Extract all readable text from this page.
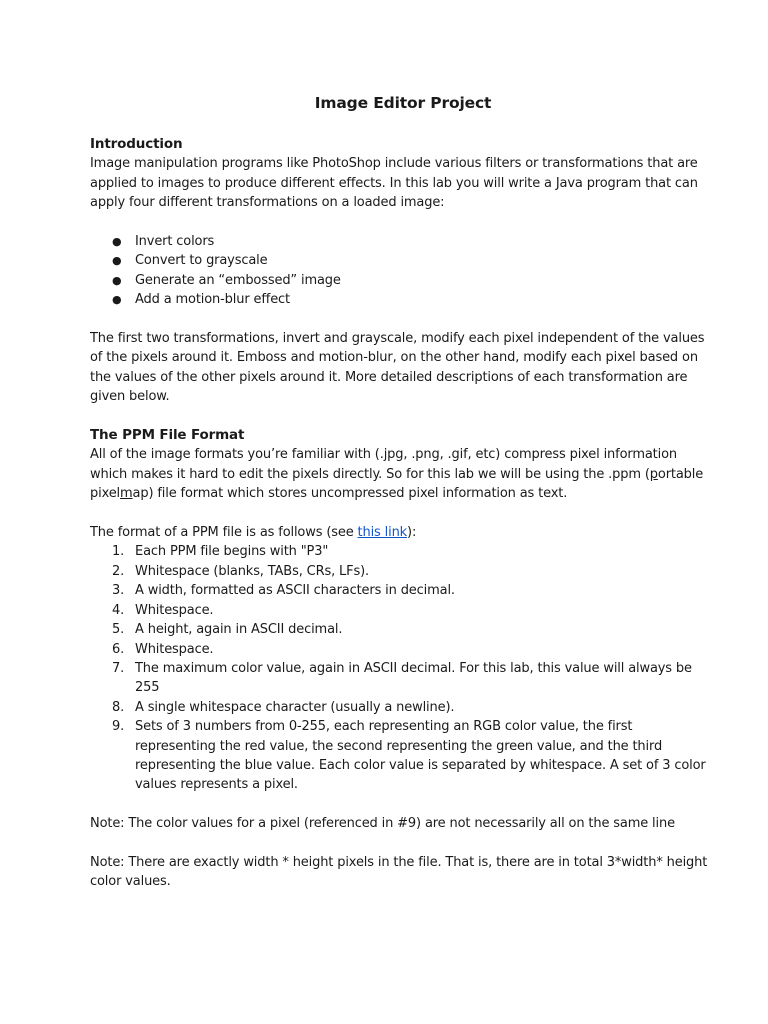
Image Editor Project
Introduction

Image manipulation programs like PhotoShop include various filters or transformations that are applied to images to produce different effects. In this lab you will write a Java program that can apply four different transformations on a loaded image:

● Invert colors
● Convert to grayscale
● Generate an “embossed” image
● Add a motion-blur effect

The first two transformations, invert and grayscale, modify each pixel independent of the values of the pixels around it. Emboss and motion-blur, on the other hand, modify each pixel based on the values of the other pixels around it. More detailed descriptions of each transformation are given below.

The PPM File Format

All of the image formats you’re familiar with (.jpg, .png, .gif, etc) compress pixel information which makes it hard to edit the pixels directly. So for this lab we will be using the .ppm (portable pixelmap) file format which stores uncompressed pixel information as text.

The format of a PPM file is as follows (see this link):

1. Each PPM file begins with "P3"
2. Whitespace (blanks, TABs, CRs, LFs).
3. A width, formatted as ASCII characters in decimal.
4. Whitespace.
5. A height, again in ASCII decimal.
6. Whitespace.
7. The maximum color value, again in ASCII decimal. For this lab, this value will always be 255
8. A single whitespace character (usually a newline).
9. Sets of 3 numbers from 0-255, each representing an RGB color value, the first representing the red value, the second representing the green value, and the third representing the blue value. Each color value is separated by whitespace. A set of 3 color values represents a pixel.

Note: The color values for a pixel (referenced in #9) are not necessarily all on the same line

Note: There are exactly width * height pixels in the file. That is, there are in total 3*width* height color values.
